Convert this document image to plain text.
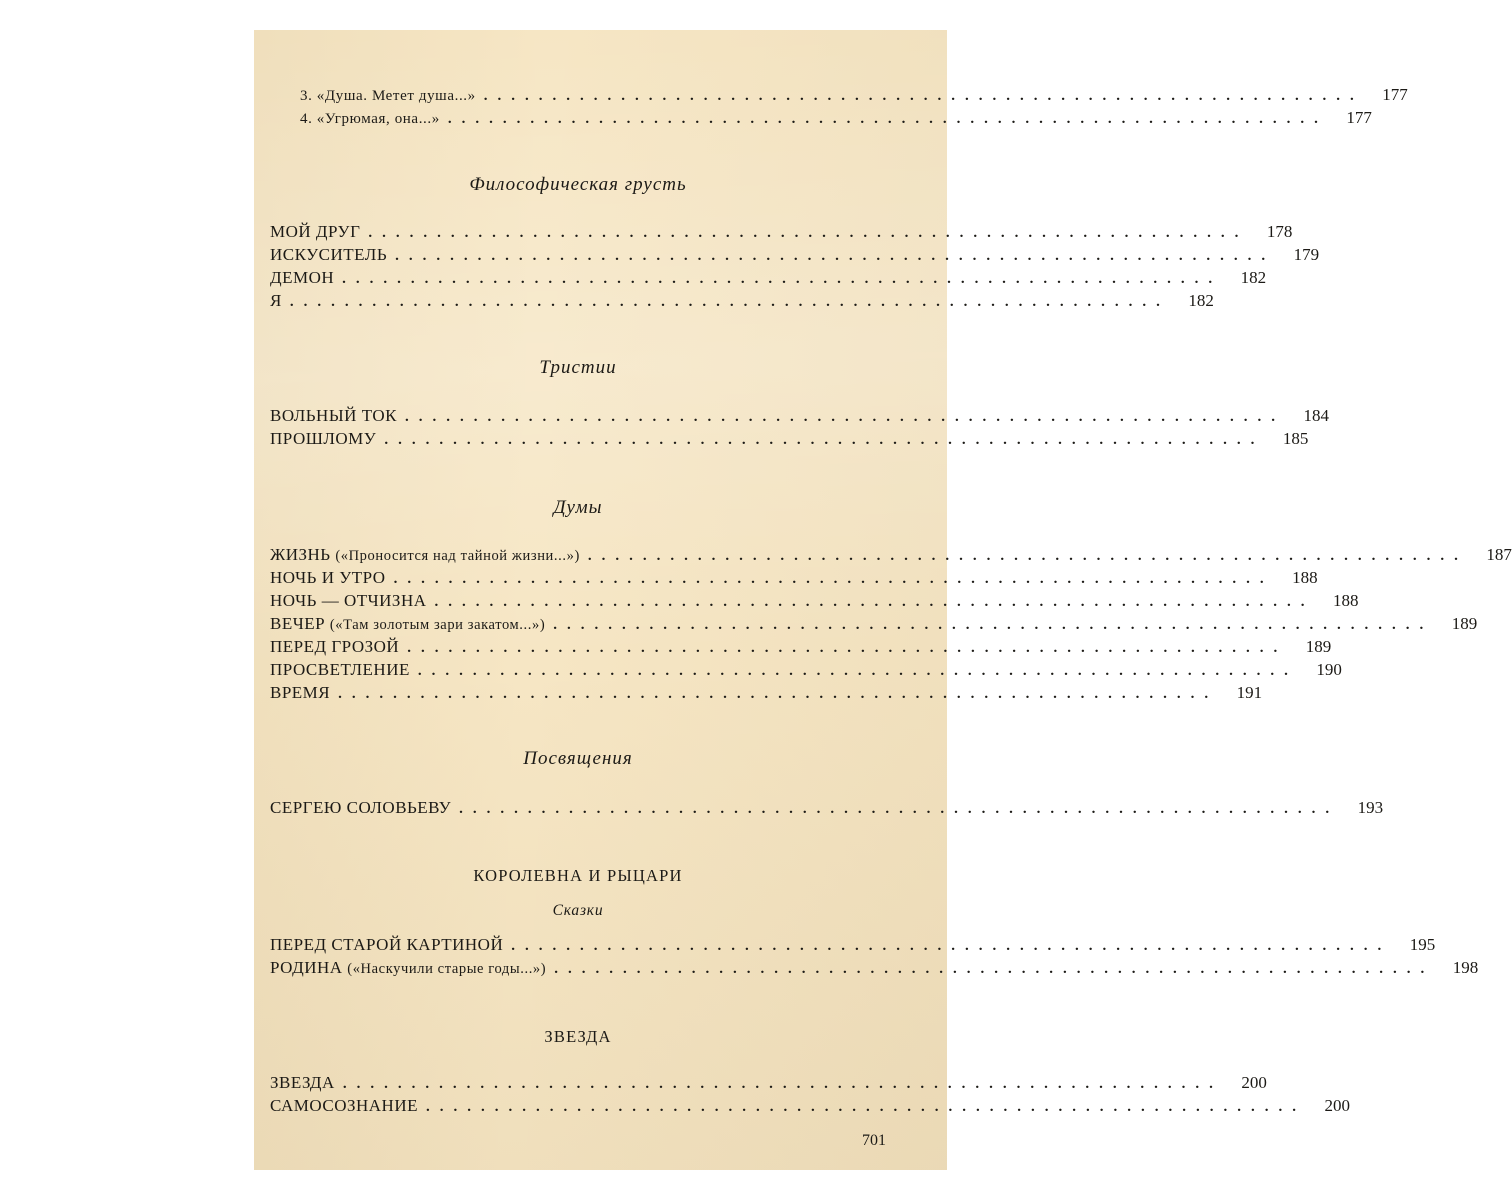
3. «Душа. Метет душа...» ................................................................ 177
4. «Угрюмая, она...» ................................................................ 177
Философическая грусть
МОЙ ДРУГ ................................................................ 178
ИСКУСИТЕЛЬ ................................................................ 179
ДЕМОН ................................................................ 182
Я ................................................................ 182
Тристии
ВОЛЬНЫЙ ТОК ................................................................ 184
ПРОШЛОМУ ................................................................ 185
Думы
ЖИЗНЬ («Проносится над тайной жизни...») ................................................................ 187
НОЧЬ И УТРО ................................................................ 188
НОЧЬ — ОТЧИЗНА ................................................................ 188
ВЕЧЕР («Там золотым зари закатом...») ................................................................ 189
ПЕРЕД ГРОЗОЙ ................................................................ 189
ПРОСВЕТЛЕНИЕ ................................................................ 190
ВРЕМЯ ................................................................ 191
Посвящения
СЕРГЕЮ СОЛОВЬЕВУ ................................................................ 193
КОРОЛЕВНА И РЫЦАРИ
Сказки
ПЕРЕД СТАРОЙ КАРТИНОЙ ................................................................ 195
РОДИНА («Наскучили старые годы...») ................................................................ 198
ЗВЕЗДА
ЗВЕЗДА ................................................................ 200
САМОСОЗНАНИЕ ................................................................ 200
701
